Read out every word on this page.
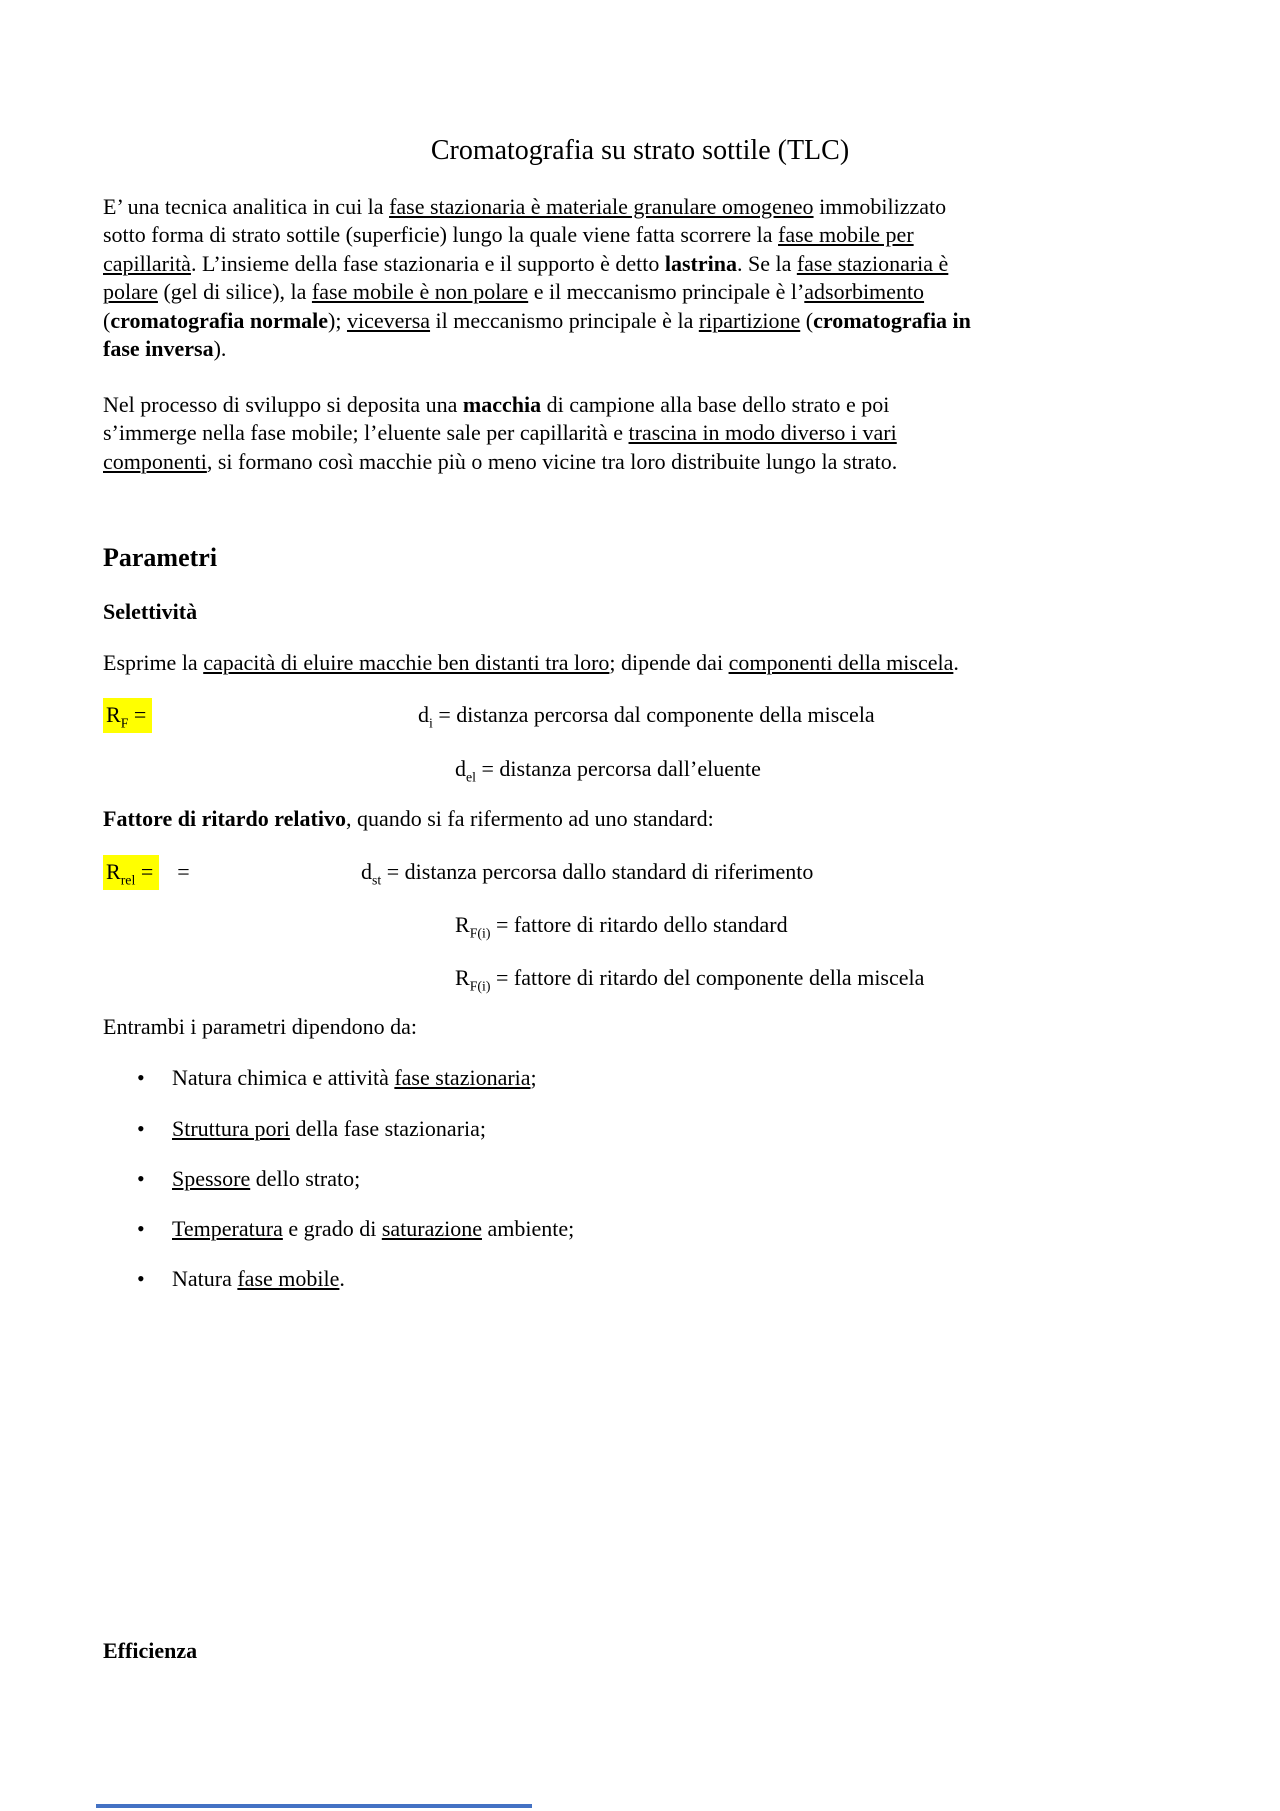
Cromatografia su strato sottile (TLC)

E’ una tecnica analitica in cui la fase stazionaria è materiale granulare omogeneo immobilizzato sotto forma di strato sottile (superficie) lungo la quale viene fatta scorrere la fase mobile per capillarità. L’insieme della fase stazionaria e il supporto è detto lastrina. Se la fase stazionaria è polare (gel di silice), la fase mobile è non polare e il meccanismo principale è l’adsorbimento (cromatografia normale); viceversa il meccanismo principale è la ripartizione (cromatografia in fase inversa).

Nel processo di sviluppo si deposita una macchia di campione alla base dello strato e poi s’immerge nella fase mobile; l’eluente sale per capillarità e trascina in modo diverso i vari componenti, si formano così macchie più o meno vicine tra loro distribuite lungo la strato.

Parametri
Selettività

Esprime la capacità di eluire macchie ben distanti tra loro; dipende dai componenti della miscela.

$R_F$ =	$d_i$ = distanza percorsa dal componente della miscela
$d_{el}$ = distanza percorsa dall’eluente

Fattore di ritardo relativo, quando si fa rifermento ad uno standard:

$R_{rel}$ = =	$d_{st}$ = distanza percorsa dallo standard di riferimento
$R_{F(i)}$ = fattore di ritardo dello standard
$R_{F(i)}$ = fattore di ritardo del componente della miscela

Entrambi i parametri dipendono da:

• Natura chimica e attività fase stazionaria;
• Struttura pori della fase stazionaria;
• Spessore dello strato;
• Temperatura e grado di saturazione ambiente;
• Natura fase mobile.
Efficienza
